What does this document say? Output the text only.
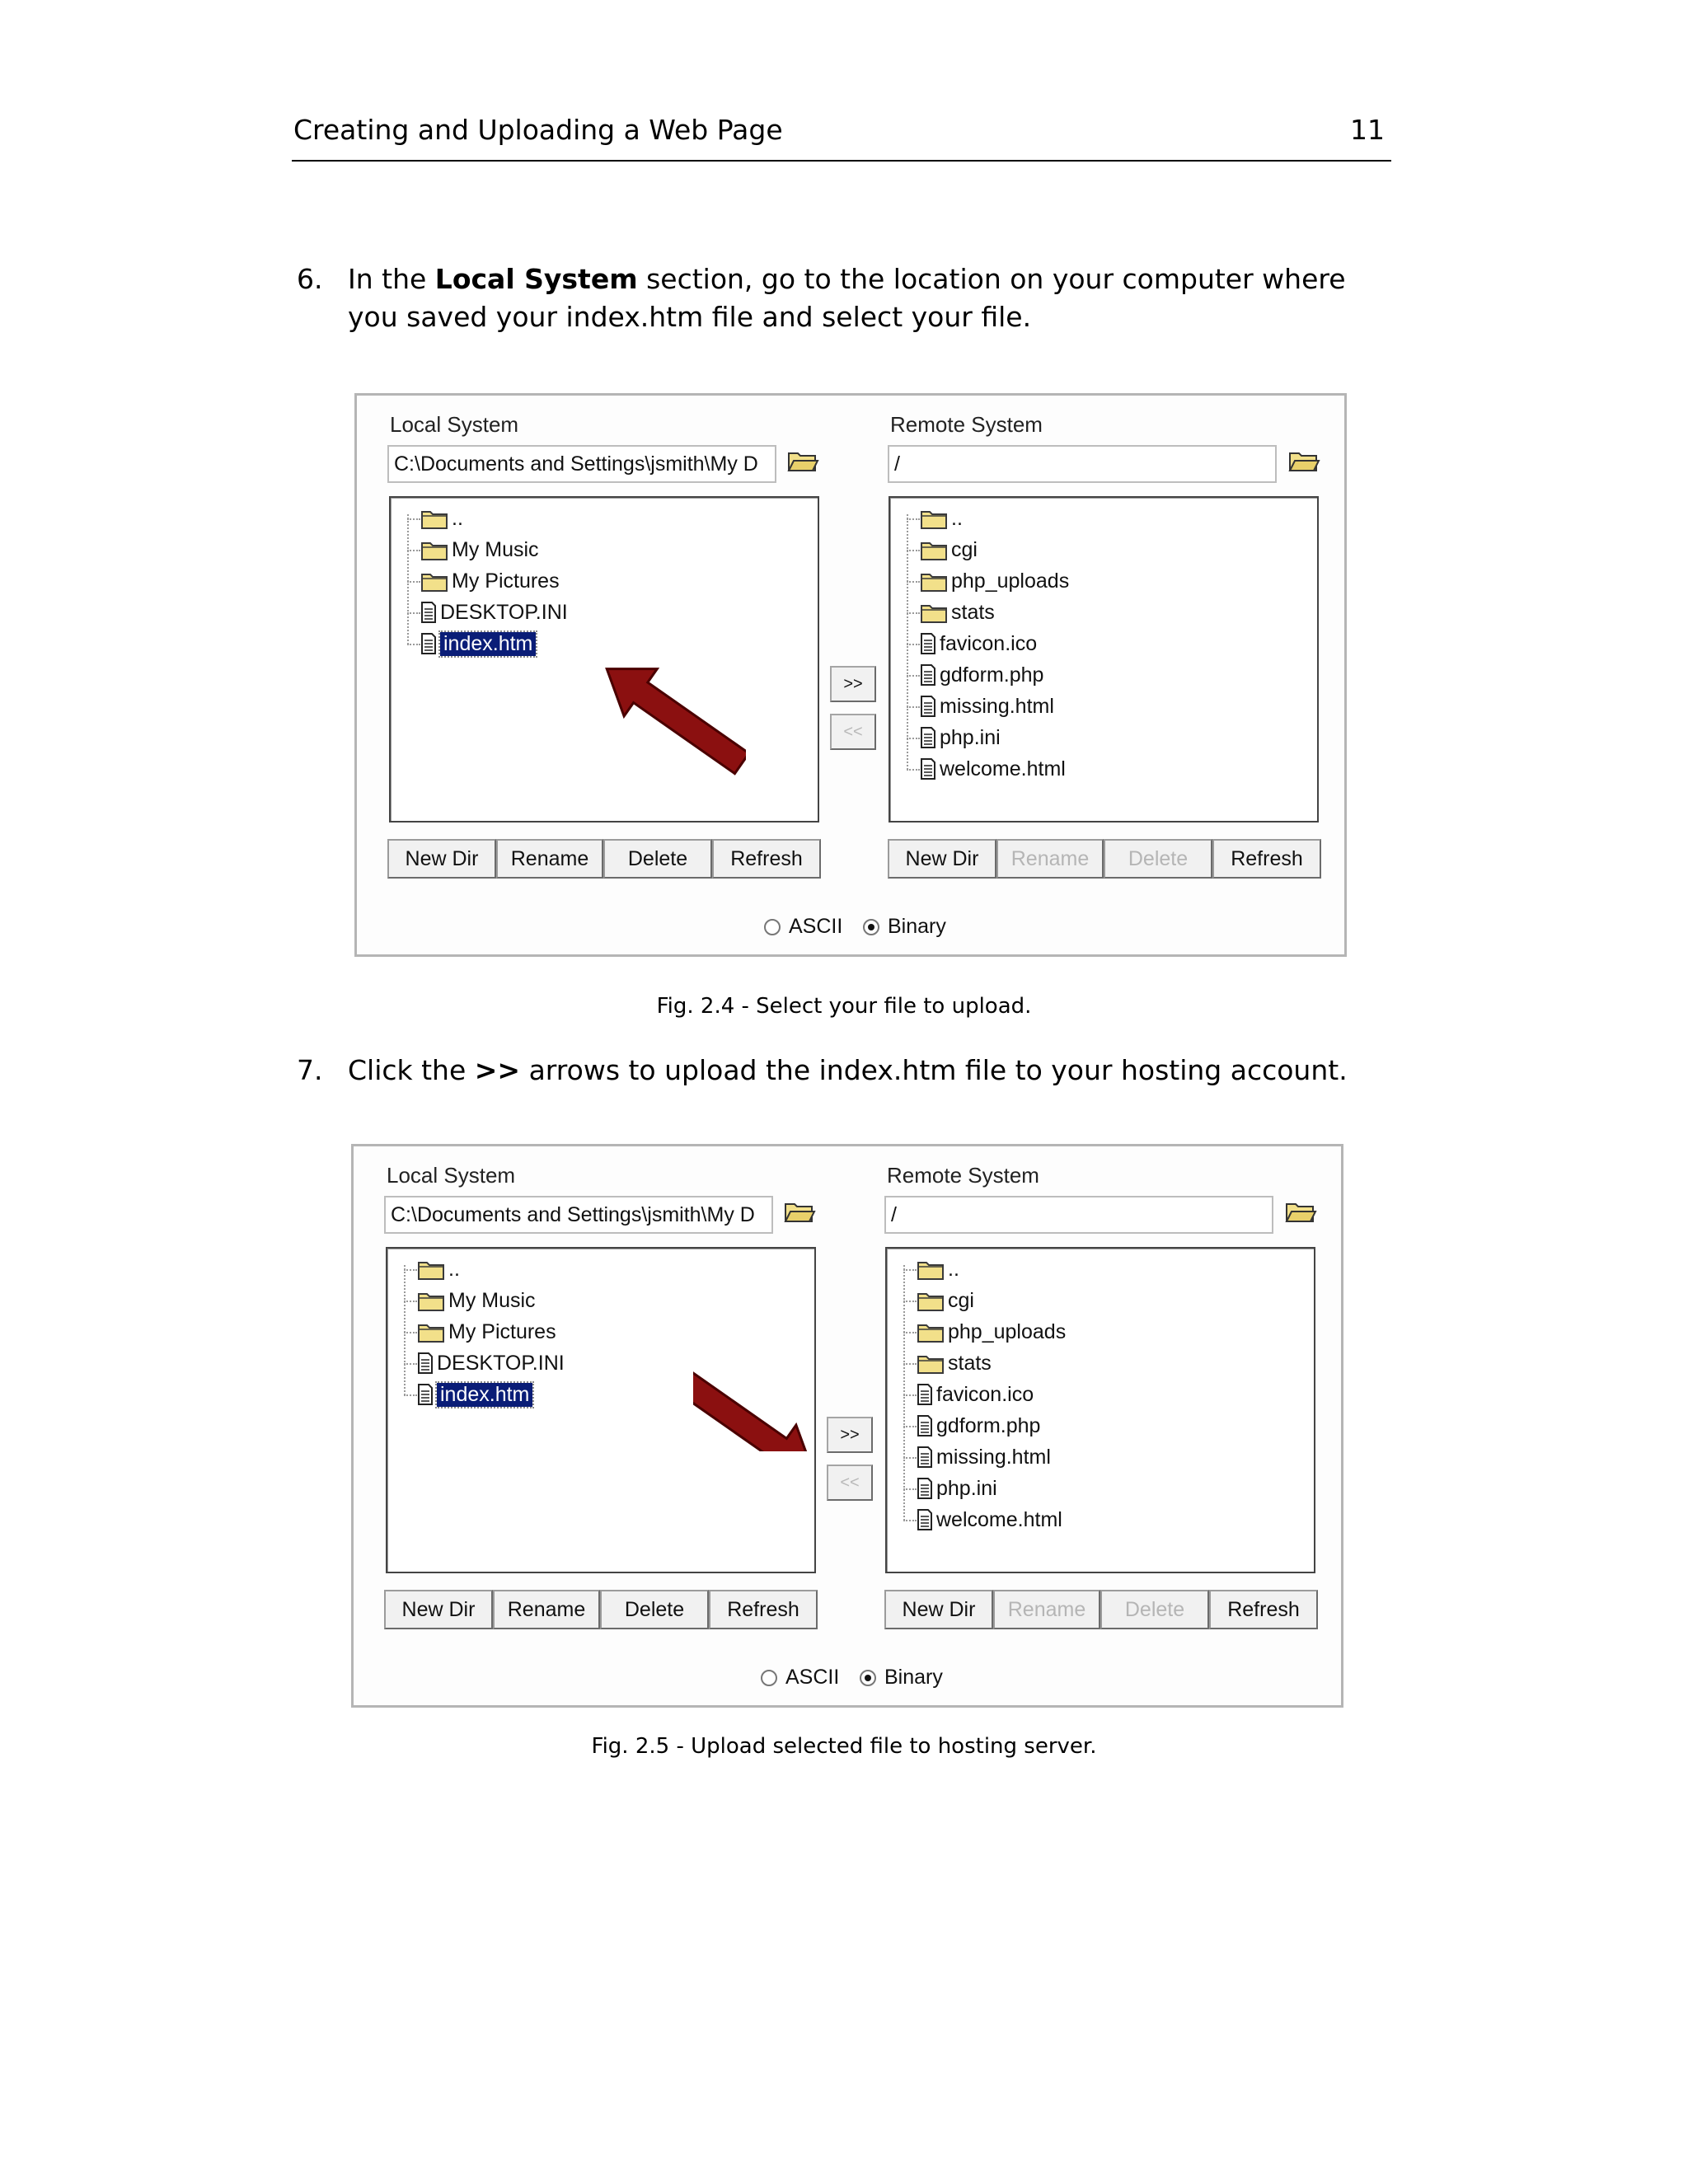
Creating and Uploading a Web Page	11
6. In the Local System section, go to the location on your computer where you saved your index.htm file and select your file.
Local System	Remote System
C:\Documents and Settings\jsmith\My D	/
..
My Music
My Pictures
DESKTOP.INI
index.htm
..
cgi
php_uploads
stats
favicon.ico
gdform.php
missing.html
php.ini
welcome.html
>>
<<
New Dir	Rename	Delete	Refresh	New Dir	Rename	Delete	Refresh
ASCII Binary
Fig. 2.4 - Select your file to upload.
7. Click the >> arrows to upload the index.htm file to your hosting account.
Local System	Remote System
C:\Documents and Settings\jsmith\My D	/
..
My Music
My Pictures
DESKTOP.INI
index.htm
..
cgi
php_uploads
stats
favicon.ico
gdform.php
missing.html
php.ini
welcome.html
>>
<<
New Dir	Rename	Delete	Refresh	New Dir	Rename	Delete	Refresh
ASCII Binary
Fig. 2.5 - Upload selected file to hosting server.
